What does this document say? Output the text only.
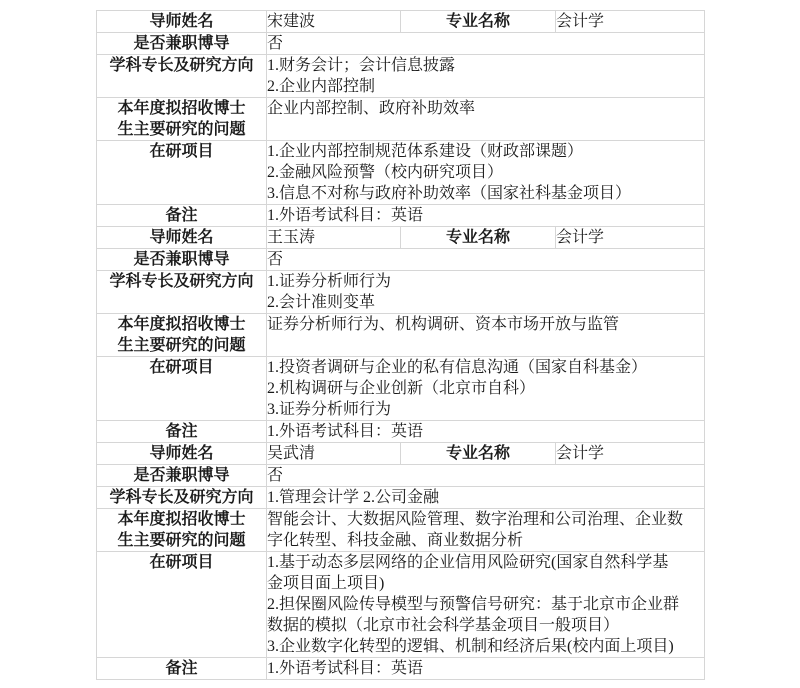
导师姓名	宋建波	专业名称	会计学
是否兼职博导	否		
学科专长及研究方向	1.财务会计；会计信息披露
2.企业内部控制		

本年度拟招收博士
生主要研究的问题	企业内部控制、政府补助效率		

在研项目	1.企业内部控制规范体系建设（财政部课题）
2.金融风险预警（校内研究项目）
3.信息不对称与政府补助效率（国家社科基金项目）		

备注	1.外语考试科目：英语		
导师姓名	王玉涛	专业名称	会计学
是否兼职博导	否		
学科专长及研究方向	1.证券分析师行为
2.会计准则变革		

本年度拟招收博士
生主要研究的问题	证券分析师行为、机构调研、资本市场开放与监管		

在研项目	1.投资者调研与企业的私有信息沟通（国家自科基金）
2.机构调研与企业创新（北京市自科）
3.证券分析师行为		

备注	1.外语考试科目：英语		
导师姓名	吴武清	专业名称	会计学
是否兼职博导	否		
学科专长及研究方向	1.管理会计学 2.公司金融		

本年度拟招收博士
生主要研究的问题

智能会计、大数据风险管理、数字治理和公司治理、企业数
字化转型、科技金融、商业数据分析

在研项目	1.基于动态多层网络的企业信用风险研究(国家自然科学基
金项目面上项目)
2.担保圈风险传导模型与预警信号研究：基于北京市企业群
数据的模拟（北京市社会科学基金项目一般项目）
3.企业数字化转型的逻辑、机制和经济后果(校内面上项目)		

备注	1.外语考试科目：英语		
